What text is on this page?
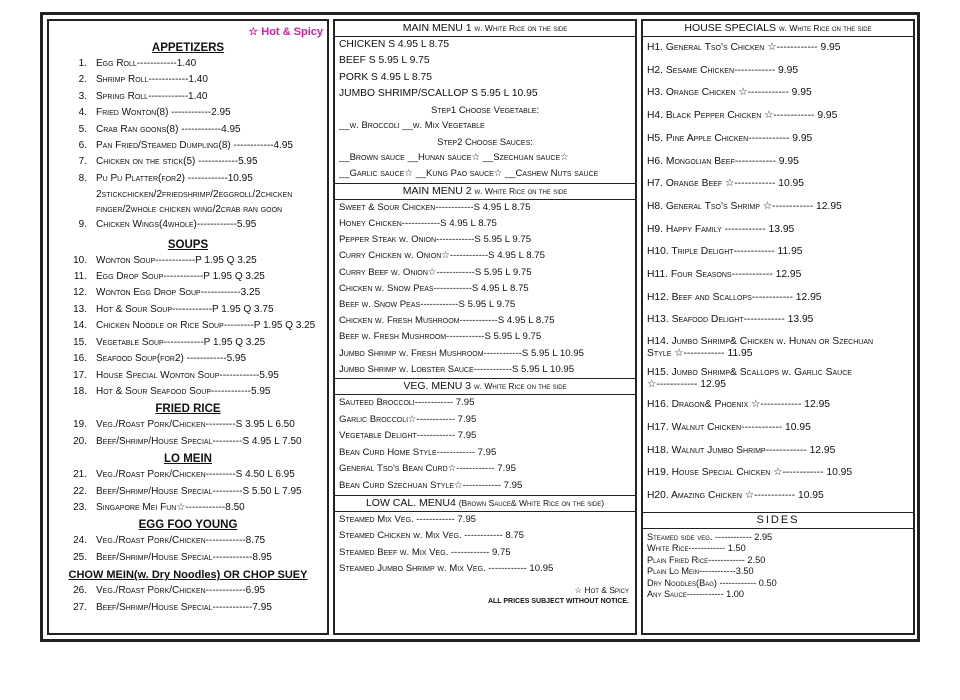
☆ Hot & Spicy
APPETIZERS
1. Egg Roll------------1.40
2. Shrimp Roll------------1.40
3. Spring Roll------------1.40
4. Fried Wonton(8) ------------2.95
5. Crab Ran goons(8) ------------4.95
6. Pan Fried/Steamed Dumpling(8) ------------4.95
7. Chicken on the stick(5) ------------5.95
8. Pu Pu Platter(for2) ------------10.95
2stickchicken/2friedshrimp/2eggroll/2chicken
finger/2whole chicken wing/2crab ran goon
9. Chicken Wings(4whole)------------5.95
SOUPS
10. Wonton Soup------------P 1.95 Q 3.25
11. Egg Drop Soup------------P 1.95 Q 3.25
12. Wonton Egg Drop Soup------------3.25
13. Hot & Sour Soup------------P 1.95 Q 3.75
14. Chicken Noodle or Rice Soup---------P 1.95 Q 3.25
15. Vegetable Soup------------P 1.95 Q 3.25
16. Seafood Soup(for2) ------------5.95
17. House Special Wonton Soup------------5.95
18. Hot & Sour Seafood Soup------------5.95
FRIED RICE
19. Veg./Roast Pork/Chicken---------S 3.95 L 6.50
20. Beef/Shrimp/House Special---------S 4.95 L 7.50
LO MEIN
21. Veg./Roast Pork/Chicken---------S 4.50 L 6.95
22. Beef/Shrimp/House Special---------S 5.50 L 7.95
23. Singapore Mei Fun☆------------8.50
EGG FOO YOUNG
24. Veg./Roast Pork/Chicken------------8.75
25. Beef/Shrimp/House Special------------8.95
CHOW MEIN(w. Dry Noodles) OR CHOP SUEY
26. Veg./Roast Pork/Chicken------------6.95
27. Beef/Shrimp/House Special------------7.95
MAIN MENU 1 w. White Rice on the side
CHICKEN S 4.95 L 8.75
BEEF S 5.95 L 9.75
PORK S 4.95 L 8.75
JUMBO SHRIMP/SCALLOP S 5.95 L 10.95
Step1 Choose Vegetable:
__w. Broccoli __w. Mix Vegetable
Step2 Choose Sauces:
__Brown sauce __Hunan sauce☆ __Szechuan sauce☆
__Garlic sauce☆ __Kung Pao sauce☆ __Cashew Nuts sauce
MAIN MENU 2 w. White Rice on the side
Sweet & Sour Chicken------------S 4.95 L 8.75
Honey Chicken------------S 4.95 L 8.75
Pepper Steak w. Onion------------S 5.95 L 9.75
Curry Chicken w. Onion☆------------S 4.95 L 8.75
Curry Beef w. Onion☆------------S 5.95 L 9.75
Chicken w. Snow Peas------------S 4.95 L 8.75
Beef w. Snow Peas------------S 5.95 L 9.75
Chicken w. Fresh Mushroom------------S 4.95 L 8.75
Beef w. Fresh Mushroom------------S 5.95 L 9.75
Jumbo Shrimp w. Fresh Mushroom------------S 5.95 L 10.95
Jumbo Shrimp w. Lobster Sauce------------S 5.95 L 10.95
VEG. MENU 3 w. White Rice on the side
Sauteed Broccoli------------ 7.95
Garlic Broccoli☆------------ 7.95
Vegetable Delight------------ 7.95
Bean Curd Home Style------------ 7.95
General Tso's Bean Curd☆------------ 7.95
Bean Curd Szechuan Style☆------------ 7.95
LOW CAL. MENU4 (Brown Sauce& White Rice on the side)
Steamed Mix Veg. ------------ 7.95
Steamed Chicken w. Mix Veg. ------------ 8.75
Steamed Beef w. Mix Veg. ------------ 9.75
Steamed Jumbo Shrimp w. Mix Veg. ------------ 10.95
☆ Hot & Spicy
ALL PRICES SUBJECT WITHOUT NOTICE.
HOUSE SPECIALS w. White Rice on the side
H1. General Tso's Chicken ☆------------ 9.95
H2. Sesame Chicken------------ 9.95
H3. Orange Chicken ☆------------ 9.95
H4. Black Pepper Chicken ☆------------ 9.95
H5. Pine Apple Chicken------------ 9.95
H6. Mongolian Beef------------ 9.95
H7. Orange Beef ☆------------ 10.95
H8. General Tso's Shrimp ☆------------ 12.95
H9. Happy Family ------------ 13.95
H10. Triple Delight------------ 11.95
H11. Four Seasons------------ 12.95
H12. Beef and Scallops------------ 12.95
H13. Seafood Delight------------ 13.95
H14. Jumbo Shrimp& Chicken w. Hunan or Szechuan
Style ☆------------ 11.95
H15. Jumbo Shrimp& Scallops w. Garlic Sauce
☆------------ 12.95
H16. Dragon& Phoenix ☆------------ 12.95
H17. Walnut Chicken------------ 10.95
H18. Walnut Jumbo Shrimp------------ 12.95
H19. House Special Chicken ☆------------ 10.95
H20. Amazing Chicken ☆------------ 10.95
SIDES
Steamed side veg. ------------ 2.95
White Rice------------ 1.50
Plain Fried Rice------------ 2.50
Plain Lo Mein------------3.50
Dry Noodles(Bag) ------------ 0.50
Any Sauce------------ 1.00
